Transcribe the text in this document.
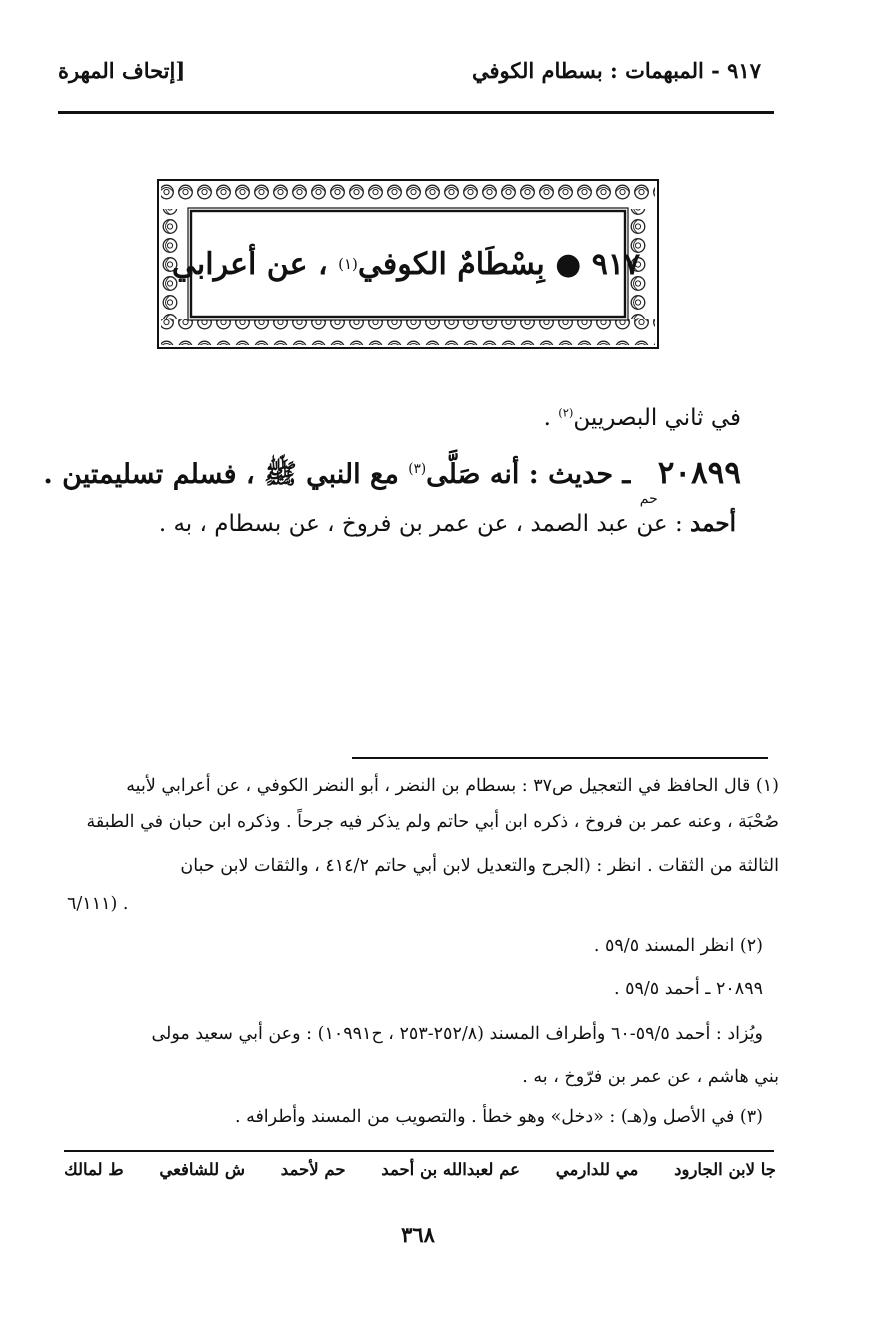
٩١٧ - المبهمات : بسطام الكوفي
[إتحاف المهرة
٩١٧
●
بِسْطَامٌ الكوفي
(١)

، عن أعرابي
في ثاني البصريين$^{(٢)}$ .
$٢٠٨٩٩_{حم}$ ـ حديث : أنه صَلَّى$^{(٣)}$ مع النبي ﷺ ، فسلم تسليمتين .
أحمد : عن عبد الصمد ، عن عمر بن فروخ ، عن بسطام ، به .
(١) قال الحافظ في التعجيل ص٣٧ : بسطام بن النضر ، أبو النضر الكوفي ، عن أعرابي لأبيه
صُحْبَة ، وعنه عمر بن فروخ ، ذكره ابن أبي حاتم ولم يذكر فيه جرحاً . وذكره ابن حبان في الطبقة
الثالثة من الثقات . انظر : (الجرح والتعديل لابن أبي حاتم ٤١٤/٢ ، والثقات لابن حبان
٦/١١١) .
(٢) انظر المسند ٥٩/٥ .
٢٠٨٩٩ ـ أحمد ٥٩/٥ .
ويُزاد : أحمد ٥٩/٥-٦٠ وأطراف المسند (٢٥٢/٨-٢٥٣ ، ح١٠٩٩١) : وعن أبي سعيد مولى
بني هاشم ، عن عمر بن فرّوخ ، به .
(٣) في الأصل و(هـ) : «دخل» وهو خطأ . والتصويب من المسند وأطرافه .
ط لمالك ش للشافعي حم لأحمد عم لعبدالله بن أحمد مي للدارمي جا لابن الجارود
٣٦٨
